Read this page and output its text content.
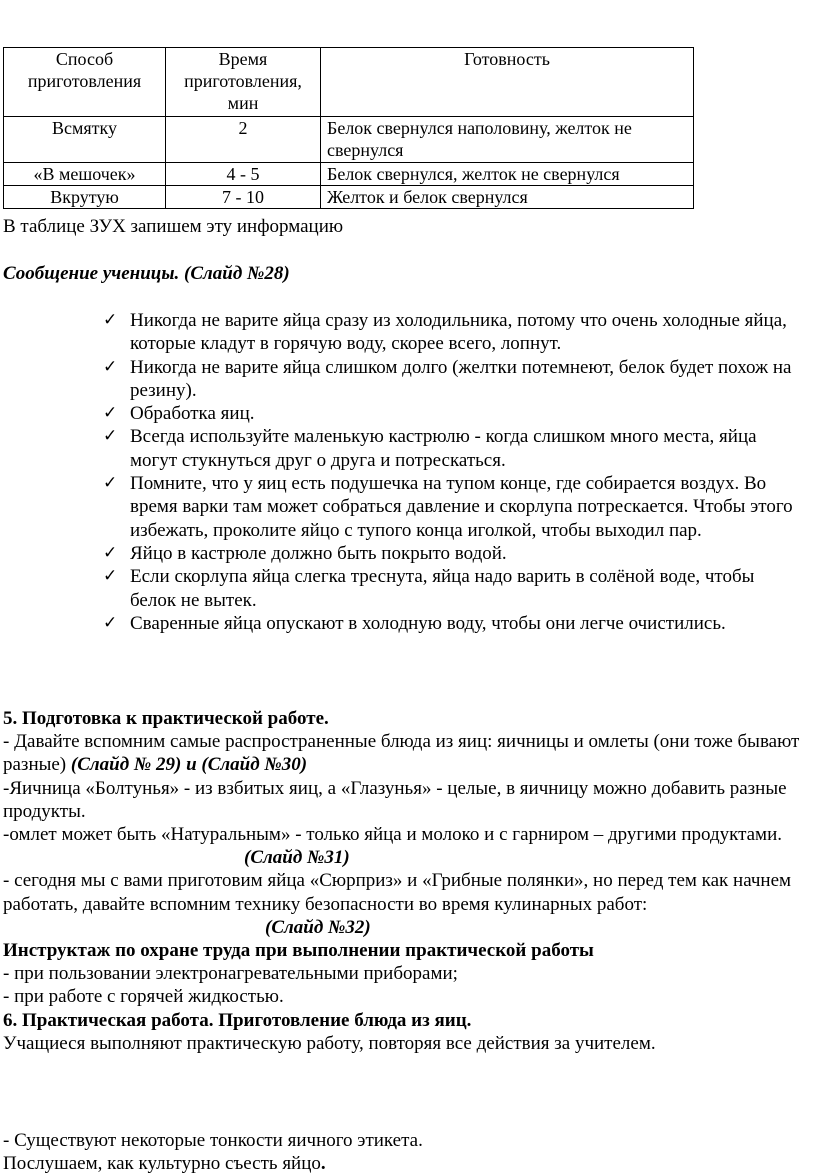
Способ приготовления	Время приготовления, мин	Готовность
Всмятку	2	Белок свернулся наполовину, желток не свернулся
«В мешочек»	4 - 5	Белок свернулся, желток не свернулся
Вкрутую	7 - 10	Желток и белок свернулся
В таблице ЗУХ запишем эту информацию
Сообщение ученицы. (Слайд №28)
✓ Никогда не варите яйца сразу из холодильника, потому что очень холодные яйца, которые кладут в горячую воду, скорее всего, лопнут.
✓ Никогда не варите яйца слишком долго (желтки потемнеют, белок будет похож на резину).
✓ Обработка яиц.
✓ Всегда используйте маленькую кастрюлю - когда слишком много места, яйца могут стукнуться друг о друга и потрескаться.
✓ Помните, что у яиц есть подушечка на тупом конце, где собирается воздух. Во время варки там может собраться давление и скорлупа потрескается. Чтобы этого избежать, проколите яйцо с тупого конца иголкой, чтобы выходил пар.
✓ Яйцо в кастрюле должно быть покрыто водой.
✓ Если скорлупа яйца слегка треснута, яйца надо варить в солёной воде, чтобы белок не вытек.
✓ Сваренные яйца опускают в холодную воду, чтобы они легче очистились.
5. Подготовка к практической работе.
- Давайте вспомним самые распространенные блюда из яиц: яичницы и омлеты (они тоже бывают разные) (Слайд № 29) и (Слайд №30)
-Яичница «Болтунья» - из взбитых яиц, а «Глазунья» - целые, в яичницу можно добавить разные продукты.
-омлет может быть «Натуральным» - только яйца и молоко и с гарниром – другими продуктами.
(Слайд №31)
- сегодня мы с вами приготовим яйца «Сюрприз» и «Грибные полянки», но перед тем как начнем работать, давайте вспомним технику безопасности во время кулинарных работ:
(Слайд №32)
Инструктаж по охране труда при выполнении практической работы
- при пользовании электронагревательными приборами;
- при работе с горячей жидкостью.
6. Практическая работа. Приготовление блюда из яиц.
Учащиеся выполняют практическую работу, повторяя все действия за учителем.
- Существуют некоторые тонкости яичного этикета.
Послушаем, как культурно съесть яйцо.
